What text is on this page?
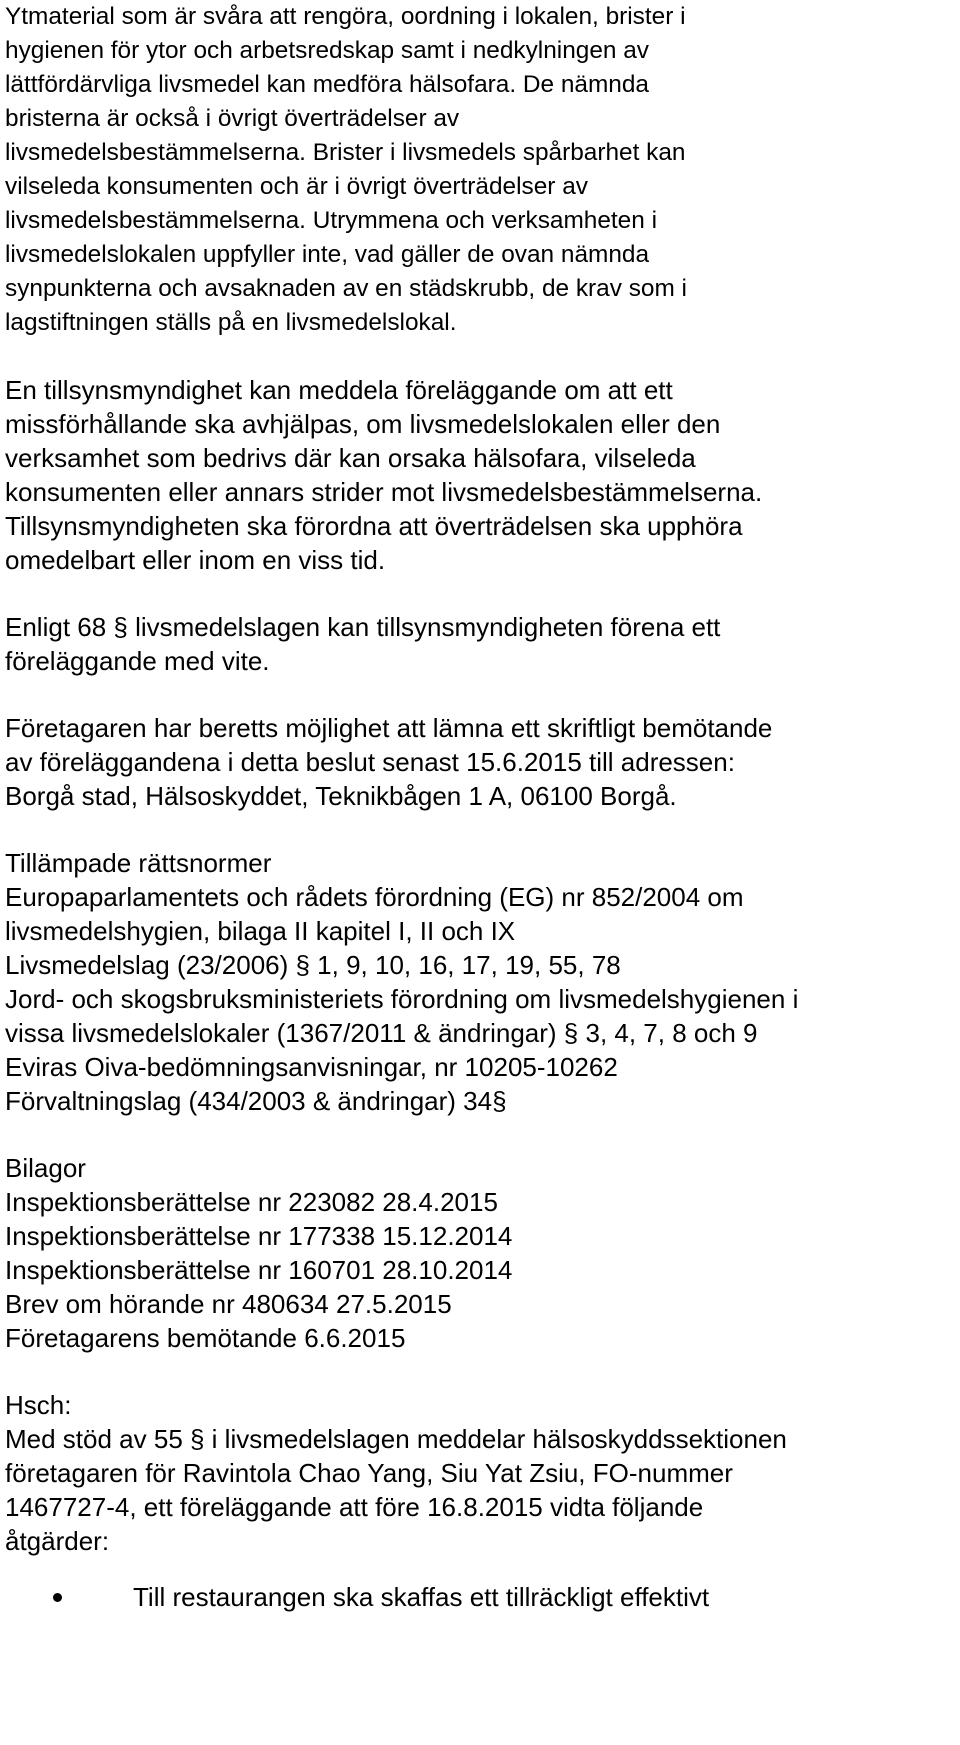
Ytmaterial som är svåra att rengöra, oordning i lokalen, brister i
hygienen för ytor och arbetsredskap samt i nedkylningen av
lättfördärvliga livsmedel kan medföra hälsofara. De nämnda
bristerna är också i övrigt överträdelser av
livsmedelsbestämmelserna. Brister i livsmedels spårbarhet kan
vilseleda konsumenten och är i övrigt överträdelser av
livsmedelsbestämmelserna. Utrymmena och verksamheten i
livsmedelslokalen uppfyller inte, vad gäller de ovan nämnda
synpunkterna och avsaknaden av en städskrubb, de krav som i
lagstiftningen ställs på en livsmedelslokal.

En tillsynsmyndighet kan meddela föreläggande om att ett
missförhållande ska avhjälpas, om livsmedelslokalen eller den
verksamhet som bedrivs där kan orsaka hälsofara, vilseleda
konsumenten eller annars strider mot livsmedelsbestämmelserna.
Tillsynsmyndigheten ska förordna att överträdelsen ska upphöra
omedelbart eller inom en viss tid.

Enligt 68 § livsmedelslagen kan tillsynsmyndigheten förena ett
föreläggande med vite.

Företagaren har beretts möjlighet att lämna ett skriftligt bemötande
av föreläggandena i detta beslut senast 15.6.2015 till adressen:
Borgå stad, Hälsoskyddet, Teknikbågen 1 A, 06100 Borgå.

Tillämpade rättsnormer
Europaparlamentets och rådets förordning (EG) nr 852/2004 om
livsmedelshygien, bilaga II kapitel I, II och IX
Livsmedelslag (23/2006) § 1, 9, 10, 16, 17, 19, 55, 78
Jord- och skogsbruksministeriets förordning om livsmedelshygienen i
vissa livsmedelslokaler (1367/2011 & ändringar) § 3, 4, 7, 8 och 9
Eviras Oiva-bedömningsanvisningar, nr 10205-10262
Förvaltningslag (434/2003 & ändringar) 34§
Bilagor
Inspektionsberättelse nr 223082 28.4.2015
Inspektionsberättelse nr 177338 15.12.2014
Inspektionsberättelse nr 160701 28.10.2014
Brev om hörande nr 480634 27.5.2015
Företagarens bemötande 6.6.2015
Hsch:
Med stöd av 55 § i livsmedelslagen meddelar hälsoskyddssektionen
företagaren för Ravintola Chao Yang, Siu Yat Zsiu, FO-nummer
1467727-4, ett föreläggande att före 16.8.2015 vidta följande
åtgärder:
Till restaurangen ska skaffas ett tillräckligt effektivt
